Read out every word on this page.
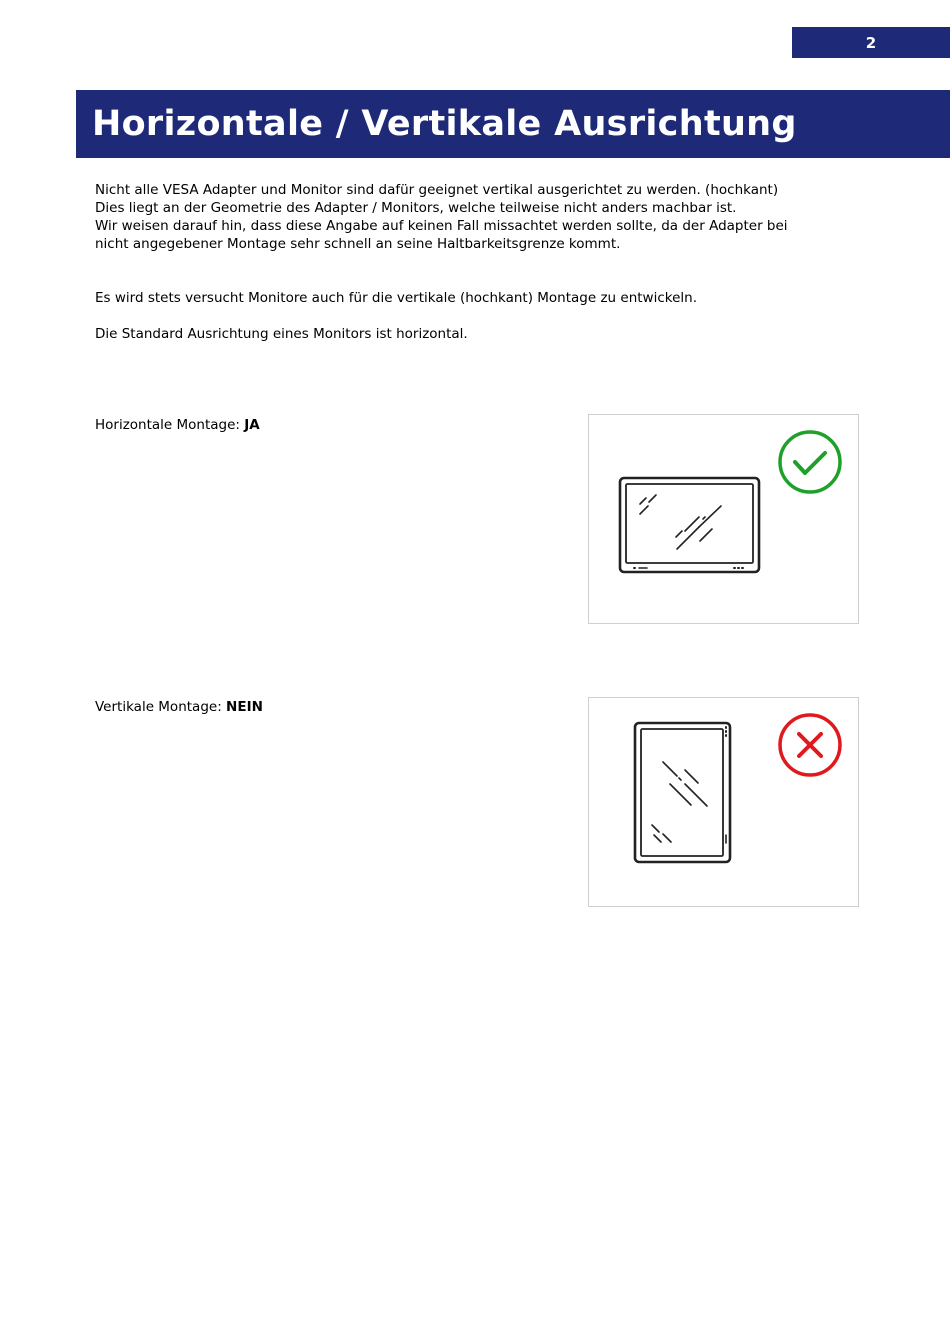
2
Horizontale / Vertikale Ausrichtung

Nicht alle VESA Adapter und Monitor sind dafür geeignet vertikal ausgerichtet zu werden. (hochkant)

Dies liegt an der Geometrie des Adapter / Monitors, welche teilweise nicht anders machbar ist.

Wir weisen darauf hin, dass diese Angabe auf keinen Fall missachtet werden sollte, da der Adapter bei

nicht angegebener Montage sehr schnell an seine Haltbarkeitsgrenze kommt.

Es wird stets versucht Monitore auch für die vertikale (hochkant) Montage zu entwickeln.
Die Standard Ausrichtung eines Monitors ist horizontal.
Horizontale Montage: JA
Vertikale Montage: NEIN
